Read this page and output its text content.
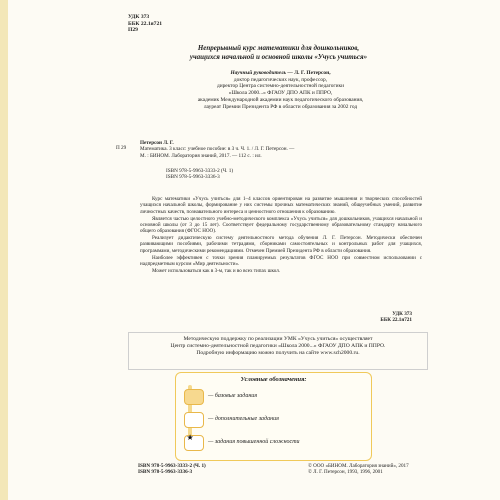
УДК 373
ББК 22.1я721
П29
Непрерывный курс математики для дошкольников,
учащихся начальной и основной школы «Учусь учиться»
Научный руководитель — Л. Г. Петерсон,
доктор педагогических наук, профессор,
директор Центра системно-деятельностной педагогики
«Школа 2000...» ФГАОУ ДПО АПК и ППРО,
академик Международной академии наук педагогического образования,
лауреат Премии Президента РФ в области образования за 2002 год
П 29
Петерсон Л. Г.
Математика. 3 класс: учебное пособие: в 3 ч. Ч. 1. / Л. Г. Петерсон. —
М. : БИНОМ. Лаборатория знаний, 2017. — 112 с. : ил.
ISBN 978-5-9963-3333-2 (Ч. 1)
ISBN 978-5-9963-3336-3

Курс математики «Учусь учиться» для 1–4 классов ориентирован на развитие мышления и творческих способностей учащихся начальной школы, формирование у них системы прочных математических знаний, общеучебных умений, развитие личностных качеств, познавательного интереса и ценностного отношения к образованию.

Является частью целостного учебно-методического комплекса «Учусь учиться» для дошкольников, учащихся начальной и основной школы (от 3 до 15 лет). Соответствует федеральному государственному образовательному стандарту начального общего образования (ФГОС НОО).

Реализует дидактическую систему деятельностного метода обучения Л. Г. Петерсон. Методически обеспечен развивающими пособиями, рабочими тетрадями, сборниками самостоятельных и контрольных работ для учащихся, программами, методическими рекомендациями. Отмечен Премией Президента РФ в области образования.

Наиболее эффективен с точки зрения планируемых результатов ФГОС НОО при совместном использовании с надпредметным курсом «Мир деятельности».

Может использоваться как в 3-м, так и во всех типах школ.

УДК 373
ББК 22.1я721
Методическую поддержку по реализации УМК «Учусь учиться» осуществляет
Центр системно-деятельностной педагогики «Школа 2000...» ФГАОУ ДПО АПК и ППРО.
Подробную информацию можно получить на сайте www.sch2000.ru.
Условные обозначения:
— базовые задания
— дополнительные задания
★ — задания повышенной сложности
ISBN 978-5-9963-3333-2 (Ч. 1)
ISBN 978-5-9963-3336-3
© ООО «БИНОМ. Лаборатория знаний», 2017
© Л. Г. Петерсон, 1993, 1996, 2001
